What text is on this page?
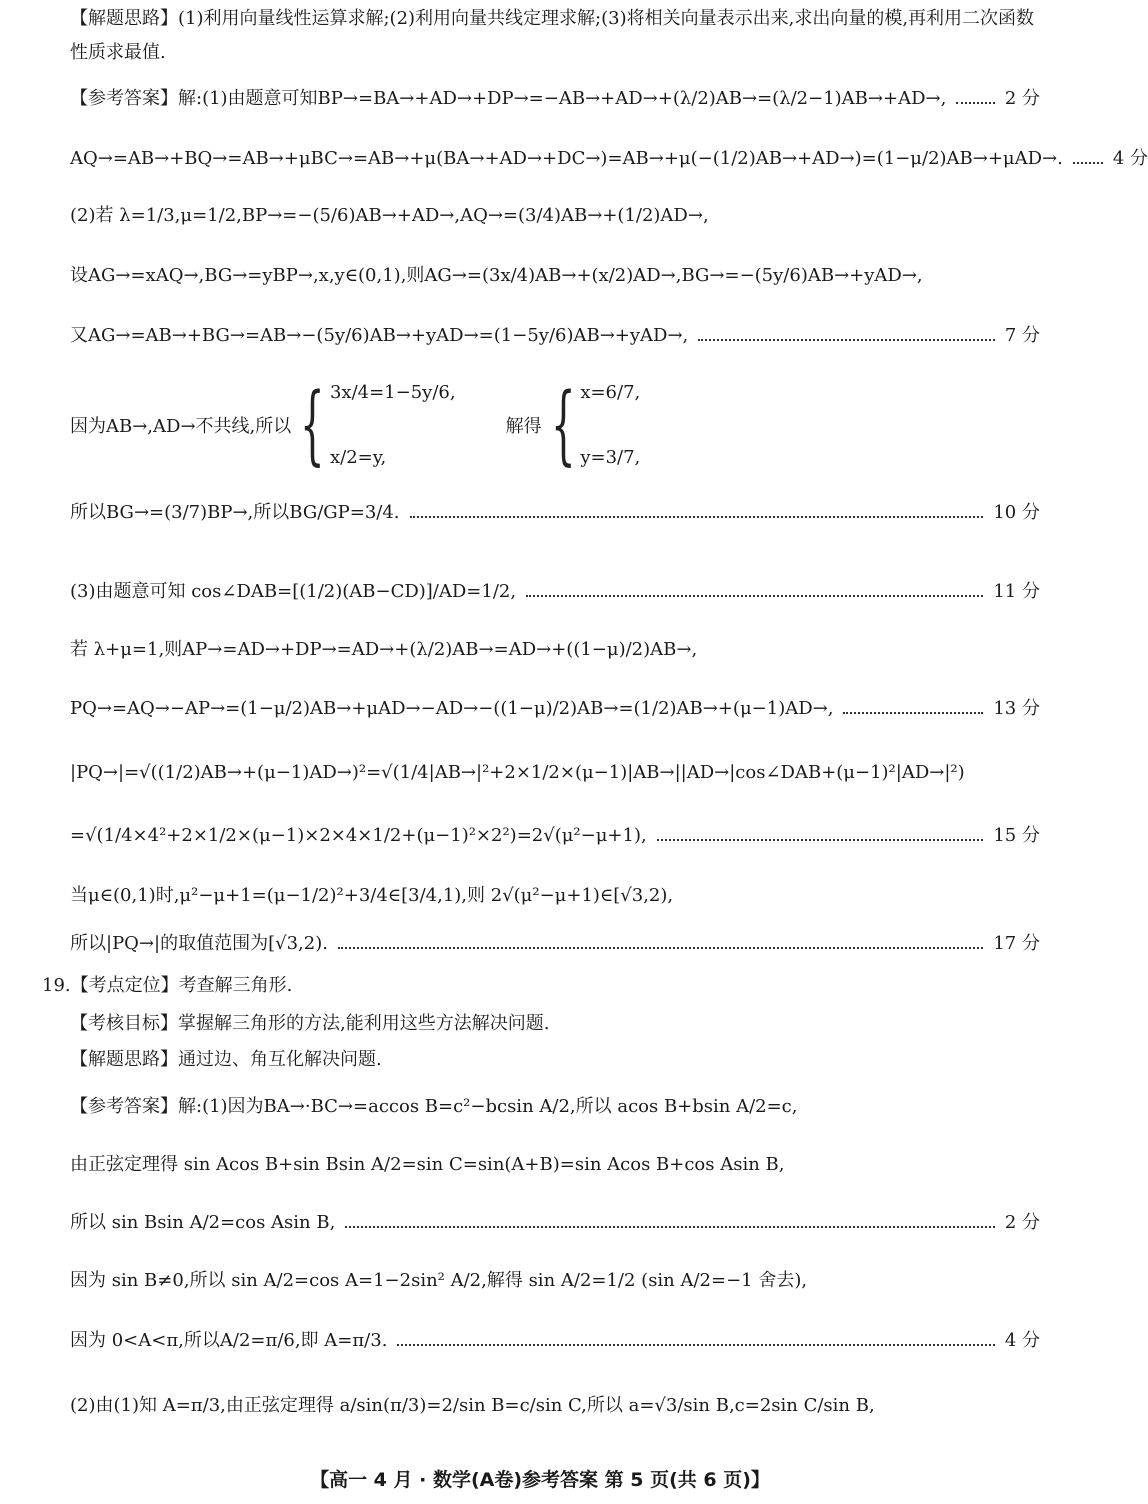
【解题思路】(1)利用向量线性运算求解;(2)利用向量共线定理求解;(3)将相关向量表示出来,求出向量的模,再利用二次函数性质求最值.
【参考答案】解:(1)由题意可知BP→=BA→+AD→+DP→=−AB→+AD→+(λ/2)AB→=(λ/2−1)AB→+AD→,	2 分
AQ→=AB→+BQ→=AB→+μBC→=AB→+μ(BA→+AD→+DC→)=AB→+μ(−(1/2)AB→+AD→)=(1−μ/2)AB→+μAD→.	4 分
(2)若 λ=1/3,μ=1/2,BP→=−(5/6)AB→+AD→,AQ→=(3/4)AB→+(1/2)AD→,
设AG→=xAQ→,BG→=yBP→,x,y∈(0,1),则AG→=(3x/4)AB→+(x/2)AD→,BG→=−(5y/6)AB→+yAD→,
又AG→=AB→+BG→=AB→−(5y/6)AB→+yAD→=(1−5y/6)AB→+yAD→,	7 分
因为AB→,AD→不共线,所以 { 3x/4=1−5y/6,
x/2=y,
解得 { x=6/7,
y=3/7,
所以BG→=(3/7)BP→,所以BG/GP=3/4.	10 分
(3)由题意可知 cos∠DAB=[(1/2)(AB−CD)]/AD=1/2,	11 分
若 λ+μ=1,则AP→=AD→+DP→=AD→+(λ/2)AB→=AD→+((1−μ)/2)AB→,
PQ→=AQ→−AP→=(1−μ/2)AB→+μAD→−AD→−((1−μ)/2)AB→=(1/2)AB→+(μ−1)AD→,	13 分
|PQ→|=√((1/2)AB→+(μ−1)AD→)²=√(1/4|AB→|²+2×1/2×(μ−1)|AB→||AD→|cos∠DAB+(μ−1)²|AD→|²)
=√(1/4×4²+2×1/2×(μ−1)×2×4×1/2+(μ−1)²×2²)=2√(μ²−μ+1),	15 分
当μ∈(0,1)时,μ²−μ+1=(μ−1/2)²+3/4∈[3/4,1),则 2√(μ²−μ+1)∈[√3,2),
所以|PQ→|的取值范围为[√3,2).	17 分
19.【考点定位】考查解三角形.
【考核目标】掌握解三角形的方法,能利用这些方法解决问题.
【解题思路】通过边、角互化解决问题.
【参考答案】解:(1)因为BA→·BC→=accos B=c²−bcsin A/2,所以 acos B+bsin A/2=c,
由正弦定理得 sin Acos B+sin Bsin A/2=sin C=sin(A+B)=sin Acos B+cos Asin B,
所以 sin Bsin A/2=cos Asin B,	2 分
因为 sin B≠0,所以 sin A/2=cos A=1−2sin² A/2,解得 sin A/2=1/2 (sin A/2=−1 舍去),
因为 0<A<π,所以A/2=π/6,即 A=π/3.	4 分
(2)由(1)知 A=π/3,由正弦定理得 a/sin(π/3)=2/sin B=c/sin C,所以 a=√3/sin B,c=2sin C/sin B,
【高一 4 月 · 数学(A卷)参考答案 第 5 页(共 6 页)】
